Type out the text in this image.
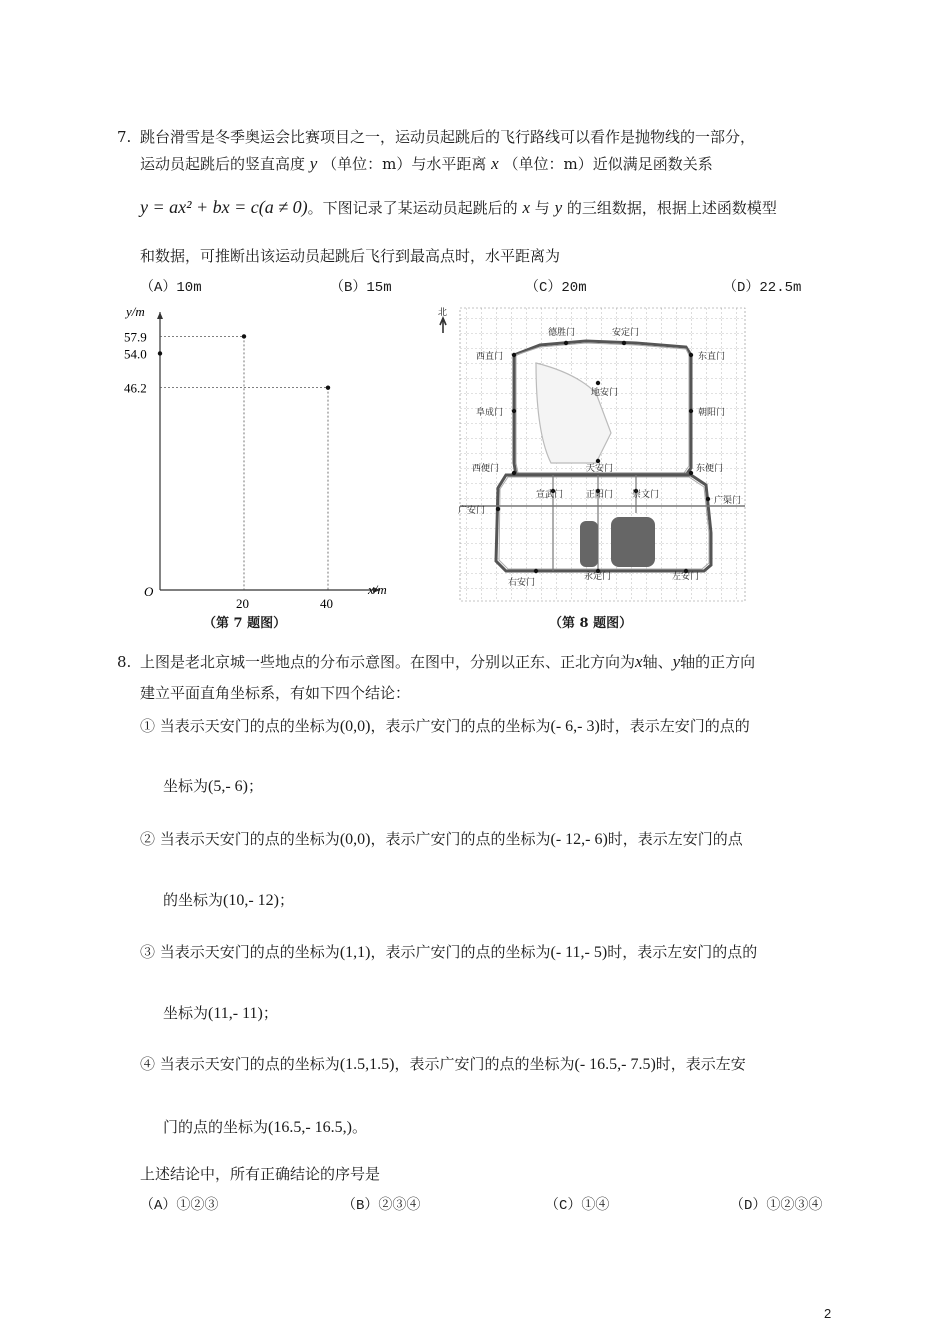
7. 跳台滑雪是冬季奥运会比赛项目之一，运动员起跳后的飞行路线可以看作是抛物线的一部分，
运动员起跳后的竖直高度 y （单位：m）与水平距离 x （单位：m）近似满足函数关系
y = ax² + bx = c(a ≠ 0)。下图记录了某运动员起跳后的 x 与 y 的三组数据，根据上述函数模型
和数据，可推断出该运动员起跳后飞行到最高点时，水平距离为
（A）10m	（B）15m	（C）20m	（D）22.5m
x/m
y/m
O
54.0
57.9
46.2
20	40
（第 7 题图）
北
德胜门	安定门
西直门	东直门
地安门
阜成门	朝阳门
西便门	天安门	东便门
宣武门	正阳门 崇文门
广渠门
广安门
永定门
右安门
左安门
（第 8 题图）
8. 上图是老北京城一些地点的分布示意图。在图中，分别以正东、正北方向为x轴、y轴的正方向
建立平面直角坐标系，有如下四个结论：
① 当表示天安门的点的坐标为(0,0)，表示广安门的点的坐标为(- 6,- 3)时，表示左安门的点的
坐标为(5,- 6)；
② 当表示天安门的点的坐标为(0,0)，表示广安门的点的坐标为(- 12,- 6)时，表示左安门的点
的坐标为(10,- 12)；
③ 当表示天安门的点的坐标为(1,1)，表示广安门的点的坐标为(- 11,- 5)时，表示左安门的点的
坐标为(11,- 11)；
④ 当表示天安门的点的坐标为(1.5,1.5)，表示广安门的点的坐标为(- 16.5,- 7.5)时，表示左安
门的点的坐标为(16.5,- 16.5,)。
上述结论中，所有正确结论的序号是
（A）①②③	（B）②③④	（C）①④	（D）①②③④
2
